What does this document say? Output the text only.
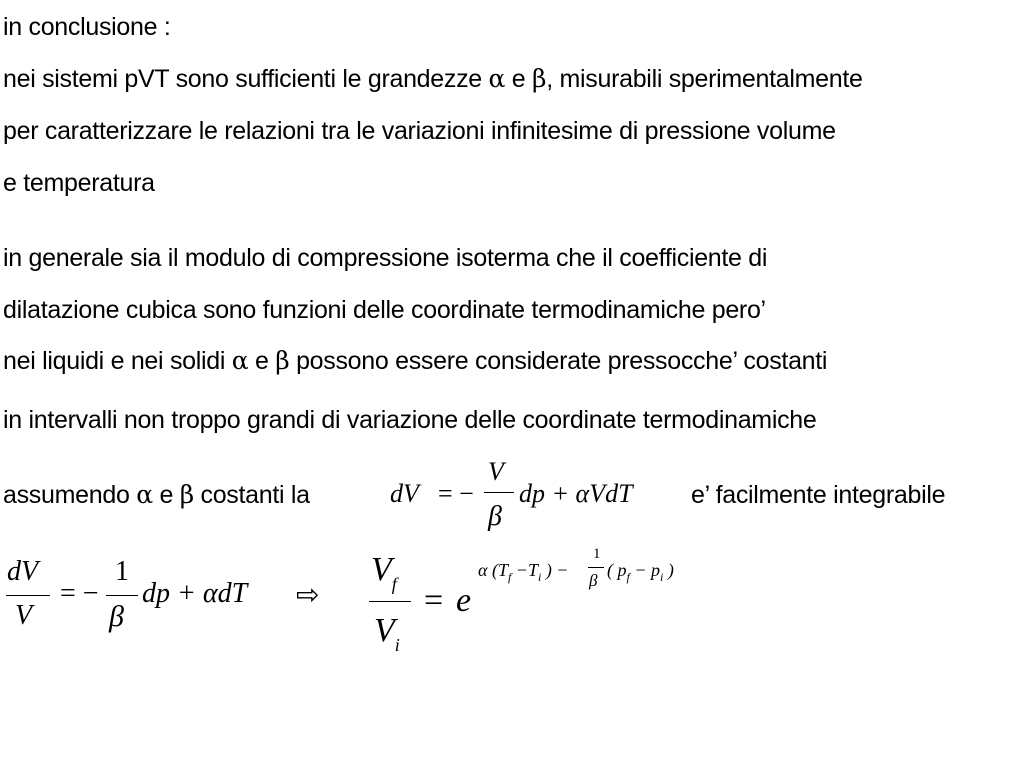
in conclusione :
nei sistemi pVT sono sufficienti le grandezze α e β, misurabili sperimentalmente
per caratterizzare le relazioni tra le variazioni infinitesime di pressione volume
e temperatura
in generale sia il modulo di compressione isoterma che il coefficiente di
dilatazione cubica sono funzioni delle coordinate termodinamiche pero’
nei liquidi e nei solidi α e β possono essere considerate pressocche’ costanti
in intervalli non troppo grandi di variazione delle coordinate termodinamiche
assumendo α e β costanti la	e’ facilmente integrabile
dV = −
V
β
dp + αVdT
dV
V
= −
1
β
dp + αdT ⇨
$V_f$
$V_i$
= e
α ($T_f -T_i$ ) −
1
β
( $p_f - p_i$ )
